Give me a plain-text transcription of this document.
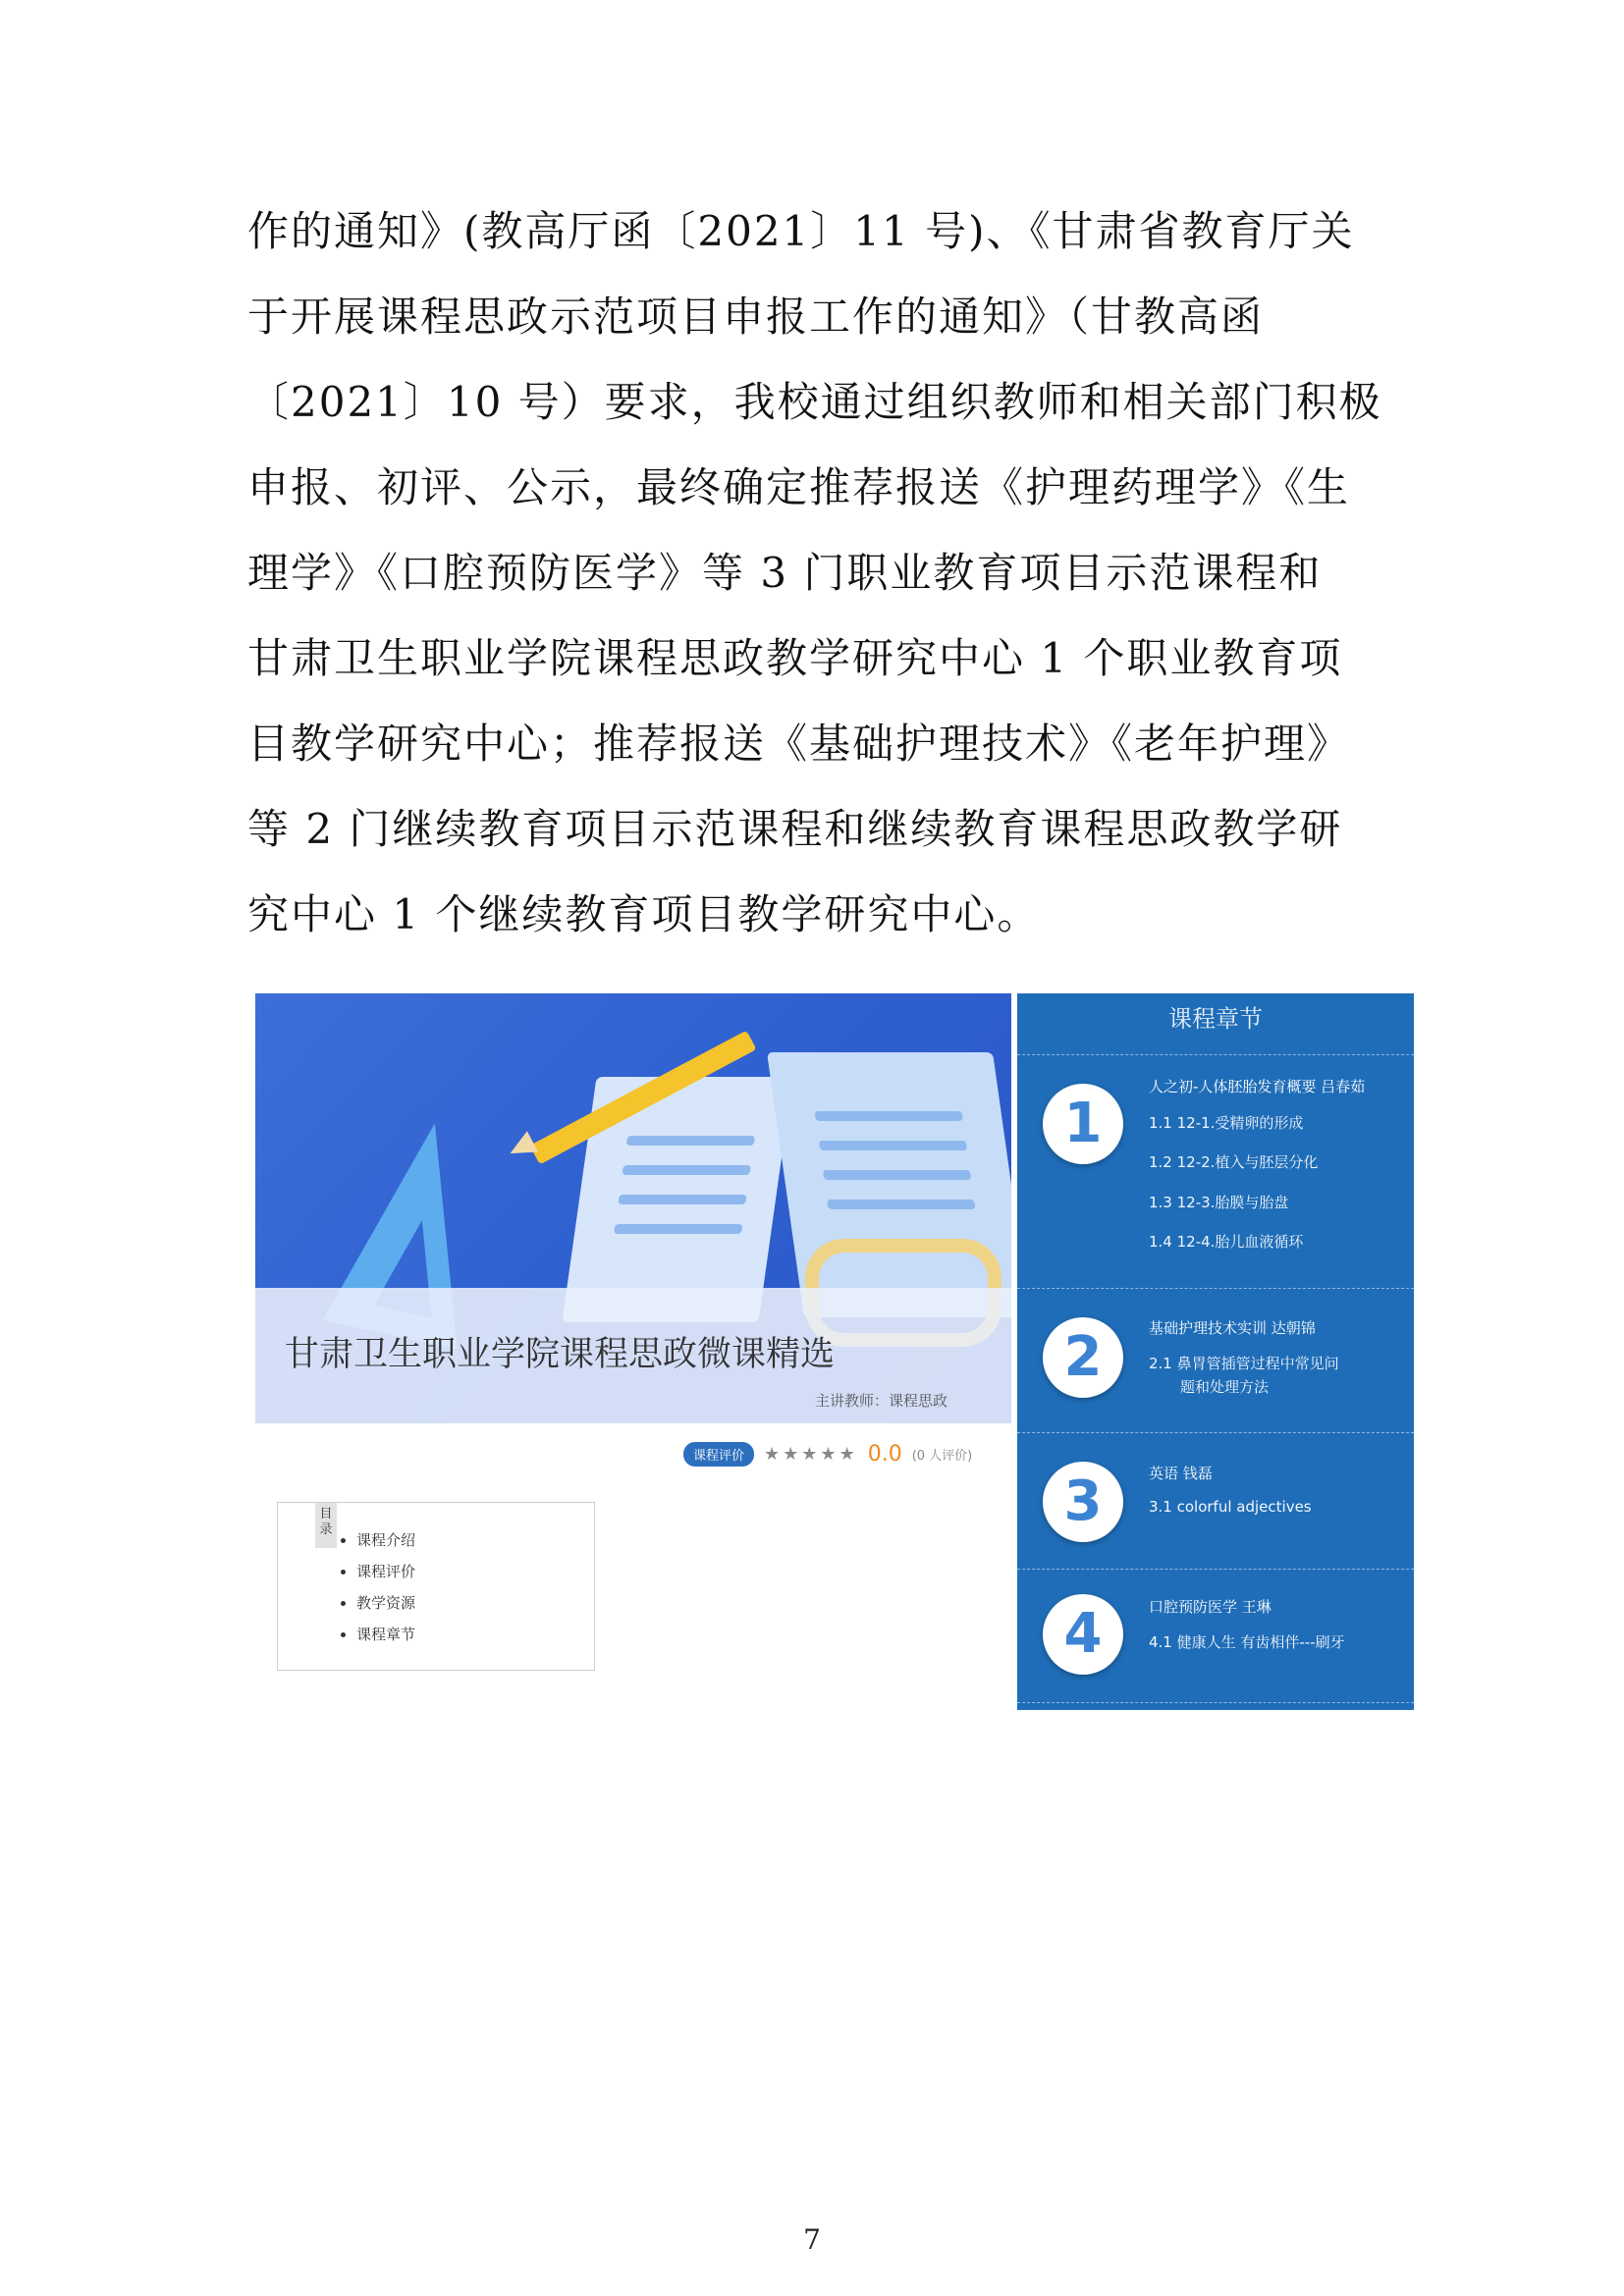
作的通知》(教高厅函〔2021〕11 号)、《甘肃省教育厅关
于开展课程思政示范项目申报工作的通知》（甘教高函
〔2021〕10 号）要求，我校通过组织教师和相关部门积极
申报、初评、公示，最终确定推荐报送《护理药理学》《生
理学》《口腔预防医学》等 3 门职业教育项目示范课程和
甘肃卫生职业学院课程思政教学研究中心 1 个职业教育项
目教学研究中心；推荐报送《基础护理技术》《老年护理》
等 2 门继续教育项目示范课程和继续教育课程思政教学研
究中心 1 个继续教育项目教学研究中心。
甘肃卫生职业学院课程思政微课精选
主讲教师：课程思政
课程评价	★★★★★ 0.0 (0 人评价)
目录
• 课程介绍
• 课程评价
• 教学资源
• 课程章节
课程章节
1
人之初-人体胚胎发育概要 吕春茹
1.1 12-1.受精卵的形成
1.2 12-2.植入与胚层分化
1.3 12-3.胎膜与胎盘
1.4 12-4.胎儿血液循环
2	基础护理技术实训 达朝锦
2.1 鼻胃管插管过程中常见问
题和处理方法
3	英语 钱磊
3.1 colorful adjectives
4	口腔预防医学 王琳
4.1 健康人生 有齿相伴---刷牙
7
